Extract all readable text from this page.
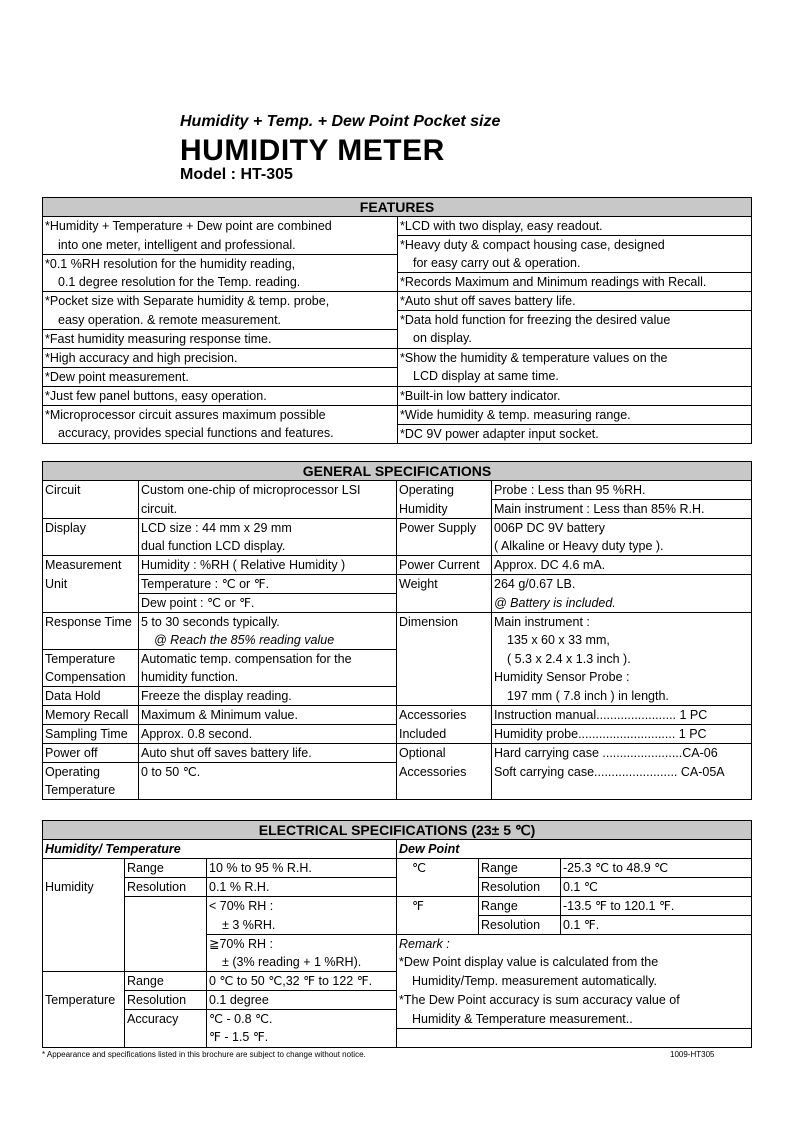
Humidity + Temp. + Dew Point Pocket size
HUMIDITY METER
Model : HT-305
FEATURES	
*Humidity + Temperature + Dew point are combined	*LCD with two display, easy readout.
into one meter, intelligent and professional.	*Heavy duty & compact housing case, designed
*0.1 %RH resolution for the humidity reading,	for easy carry out & operation.
0.1 degree resolution for the Temp. reading.	*Records Maximum and Minimum readings with Recall.
*Pocket size with Separate humidity & temp. probe,	*Auto shut off saves battery life.
easy operation. & remote measurement.	*Data hold function for freezing the desired value
*Fast humidity measuring response time.	on display.
*High accuracy and high precision.	*Show the humidity & temperature values on the
*Dew point measurement.	LCD display at same time.
*Just few panel buttons, easy operation.	*Built-in low battery indicator.
*Microprocessor circuit assures maximum possible	*Wide humidity & temp. measuring range.
accuracy, provides special functions and features.	*DC 9V power adapter input socket.
GENERAL SPECIFICATIONS			
Circuit	Custom one-chip of microprocessor LSI	Operating	Probe : Less than 95 %RH.
	circuit.	Humidity	Main instrument : Less than 85% R.H.
Display	LCD size : 44 mm x 29 mm	Power Supply	006P DC 9V battery
	dual function LCD display.		( Alkaline or Heavy duty type ).
Measurement	Humidity : %RH ( Relative Humidity )	Power Current	Approx. DC 4.6 mA.
Unit	Temperature : ℃ or ℉.	Weight	264 g/0.67 LB.
	Dew point : ℃ or ℉.		@ Battery is included.
Response Time	5 to 30 seconds typically.	Dimension	Main instrument :
	@ Reach the 85% reading value		135 x 60 x 33 mm,
Temperature	Automatic temp. compensation for the		( 5.3 x 2.4 x 1.3 inch ).
Compensation	humidity function.		Humidity Sensor Probe :
Data Hold	Freeze the display reading.		197 mm ( 7.8 inch ) in length.
Memory Recall	Maximum & Minimum value.	Accessories	Instruction manual....................... 1 PC
Sampling Time	Approx. 0.8 second.	Included	Humidity probe............................ 1 PC
Power off	Auto shut off saves battery life.	Optional	Hard carrying case .......................CA-06
Operating	0 to 50 ℃.	Accessories	Soft carrying case........................ CA-05A
Temperature			
ELECTRICAL SPECIFICATIONS (23± 5 ℃)					
Humidity/ Temperature			Dew Point		
	Range	10 % to 95 % R.H.	℃	Range	-25.3 ℃ to 48.9 ℃
Humidity	Resolution	0.1 % R.H.		Resolution	0.1 ℃
		< 70% RH :	℉	Range	-13.5 ℉ to 120.1 ℉.
		± 3 %RH.		Resolution	0.1 ℉.
		≧70% RH :	Remark :		
		± (3% reading + 1 %RH).	*Dew Point display value is calculated from the		
	Range	0 ℃ to 50 ℃,32 ℉ to 122 ℉.	Humidity/Temp. measurement automatically.		
Temperature	Resolution	0.1 degree	*The Dew Point accuracy is sum accuracy value of		
	Accuracy	℃ - 0.8 ℃.	Humidity & Temperature measurement..		
		℉ - 1.5 ℉.			
* Appearance and specifications listed in this brochure are subject to change without notice.	1009-HT305
